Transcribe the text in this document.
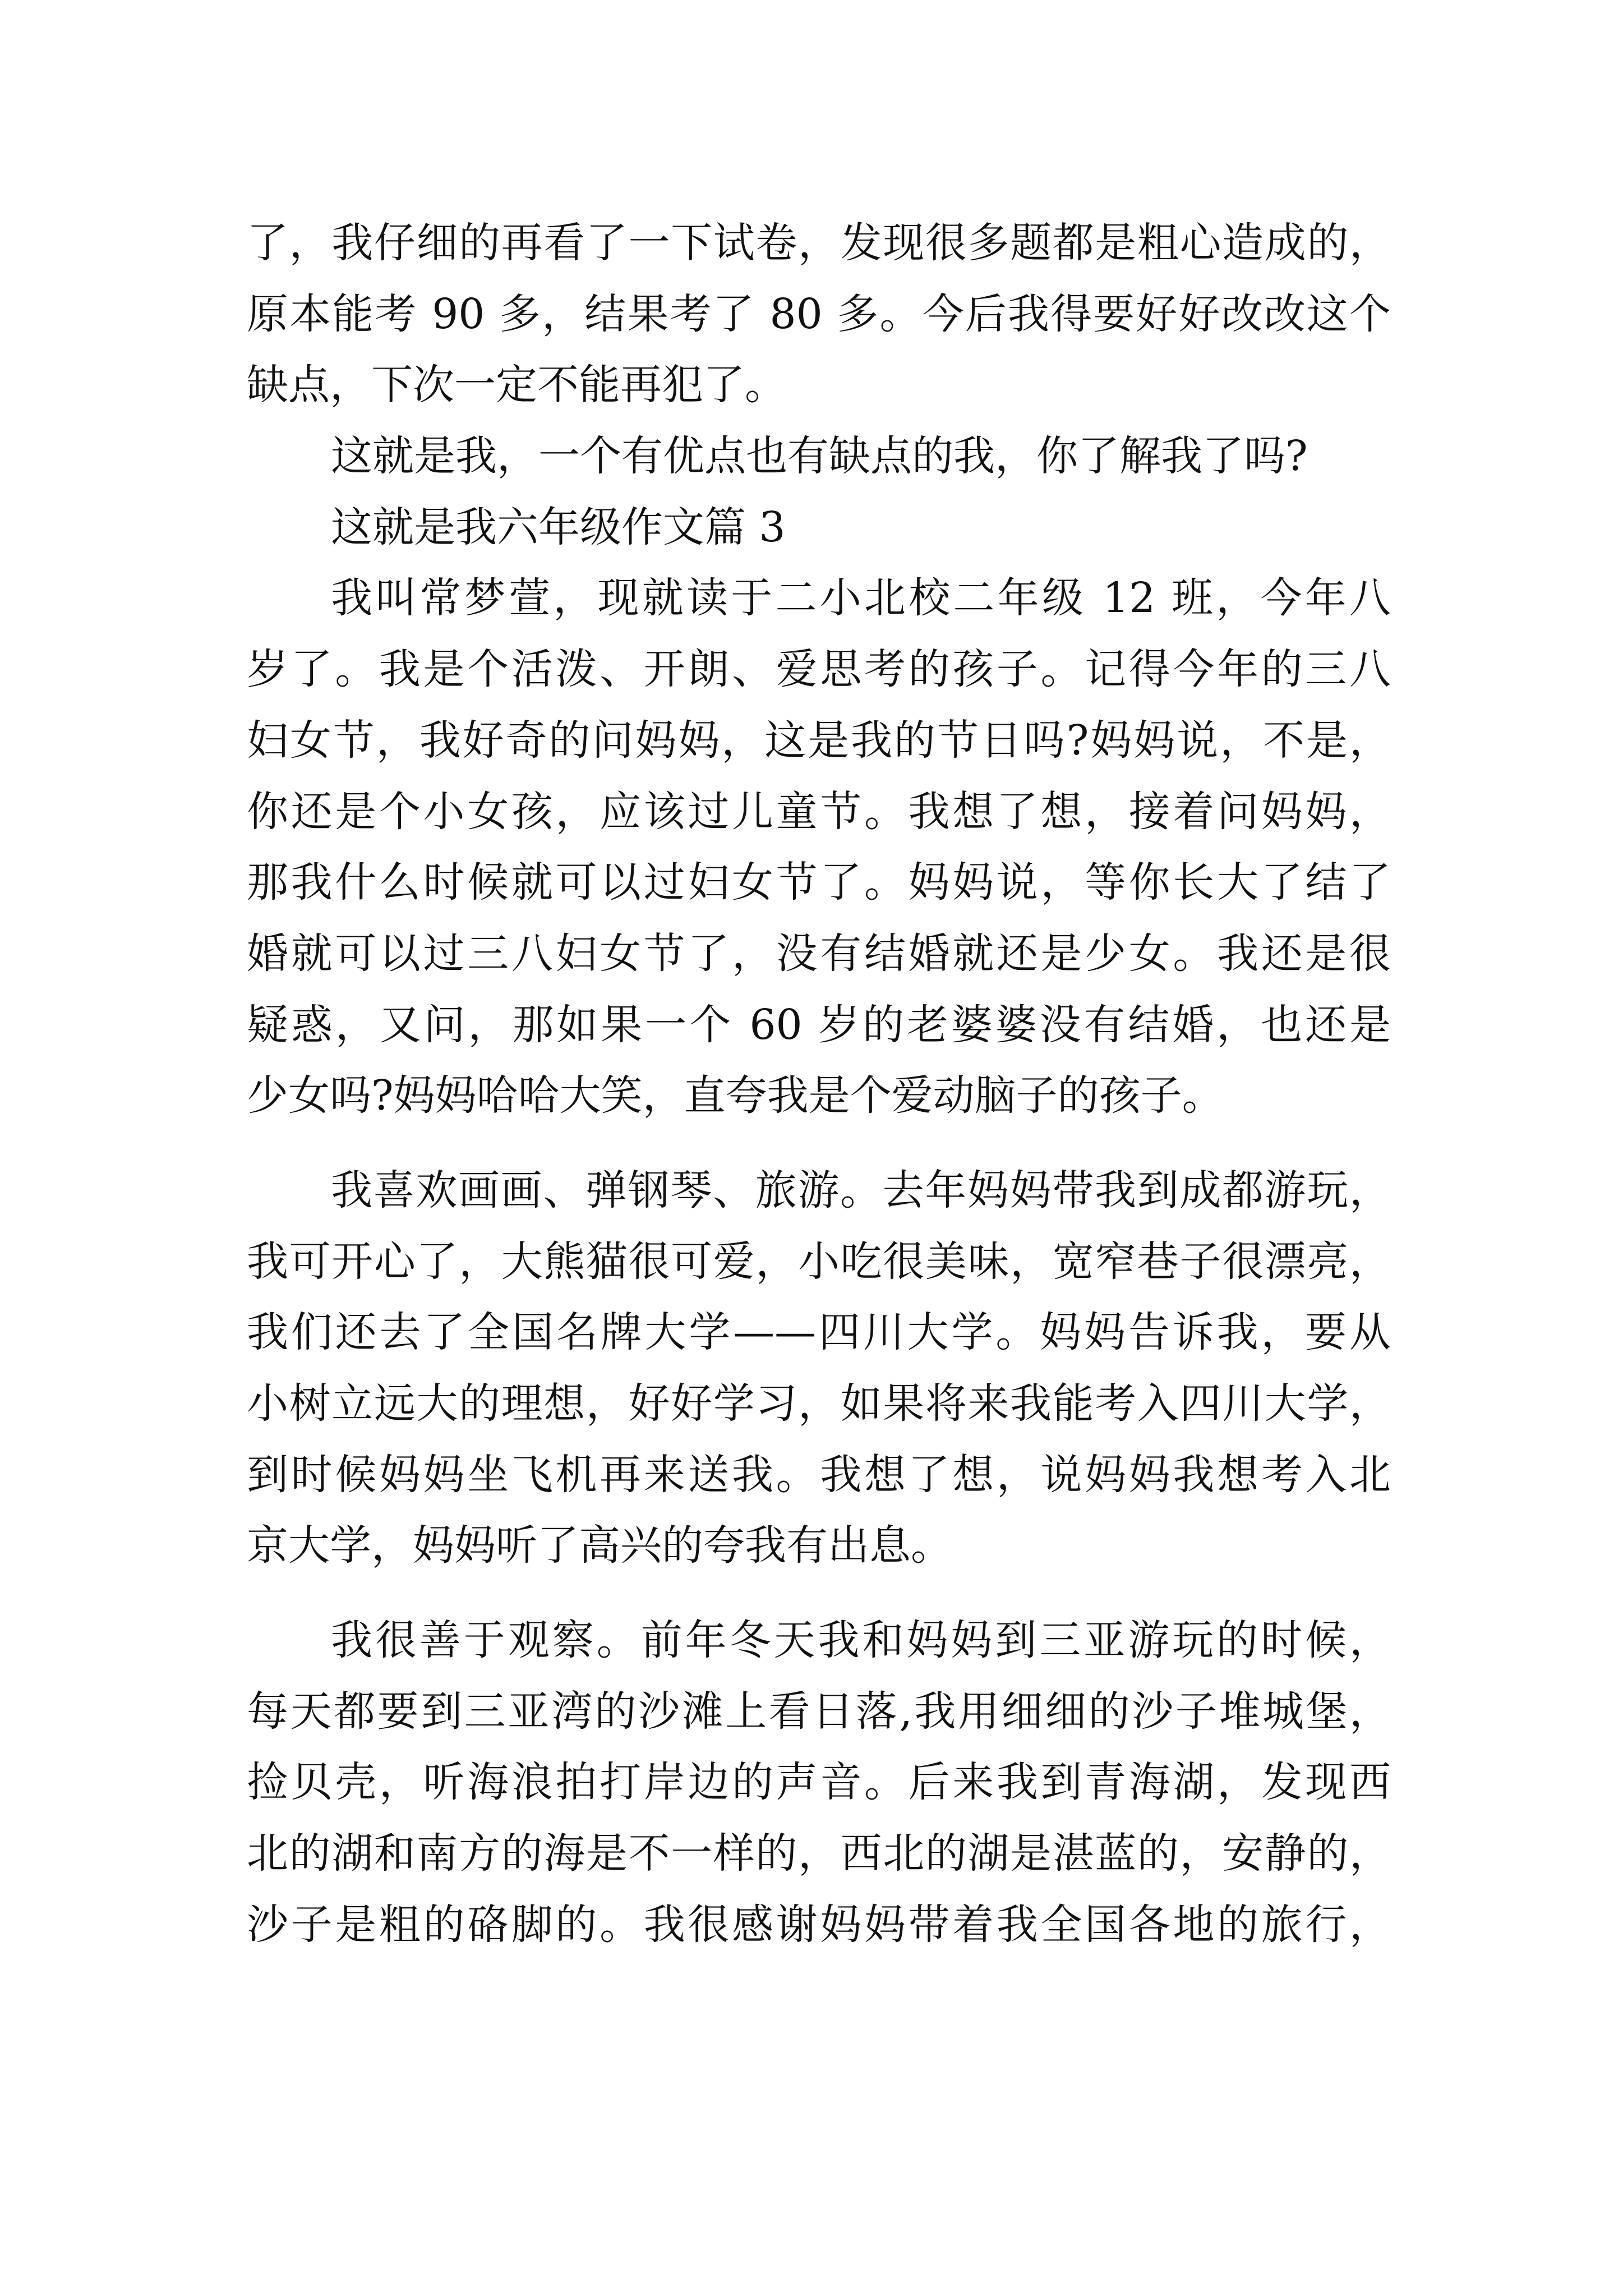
了，我仔细的再看了一下试卷，发现很多题都是粗心造成的，
原本能考 90 多，结果考了 80 多。今后我得要好好改改这个
缺点，下次一定不能再犯了。
这就是我，一个有优点也有缺点的我，你了解我了吗?
这就是我六年级作文篇 3
我叫常梦萱，现就读于二小北校二年级 12 班，今年八
岁了。我是个活泼、开朗、爱思考的孩子。记得今年的三八
妇女节，我好奇的问妈妈，这是我的节日吗?妈妈说，不是，
你还是个小女孩，应该过儿童节。我想了想，接着问妈妈，
那我什么时候就可以过妇女节了。妈妈说，等你长大了结了
婚就可以过三八妇女节了，没有结婚就还是少女。我还是很
疑惑，又问，那如果一个 60 岁的老婆婆没有结婚，也还是
少女吗?妈妈哈哈大笑，直夸我是个爱动脑子的孩子。
我喜欢画画、弹钢琴、旅游。去年妈妈带我到成都游玩，
我可开心了，大熊猫很可爱，小吃很美味，宽窄巷子很漂亮，
我们还去了全国名牌大学——四川大学。妈妈告诉我，要从
小树立远大的理想，好好学习，如果将来我能考入四川大学，
到时候妈妈坐飞机再来送我。我想了想，说妈妈我想考入北
京大学，妈妈听了高兴的夸我有出息。
我很善于观察。前年冬天我和妈妈到三亚游玩的时候，
每天都要到三亚湾的沙滩上看日落,我用细细的沙子堆城堡，
捡贝壳，听海浪拍打岸边的声音。后来我到青海湖，发现西
北的湖和南方的海是不一样的，西北的湖是湛蓝的，安静的，
沙子是粗的硌脚的。我很感谢妈妈带着我全国各地的旅行，
